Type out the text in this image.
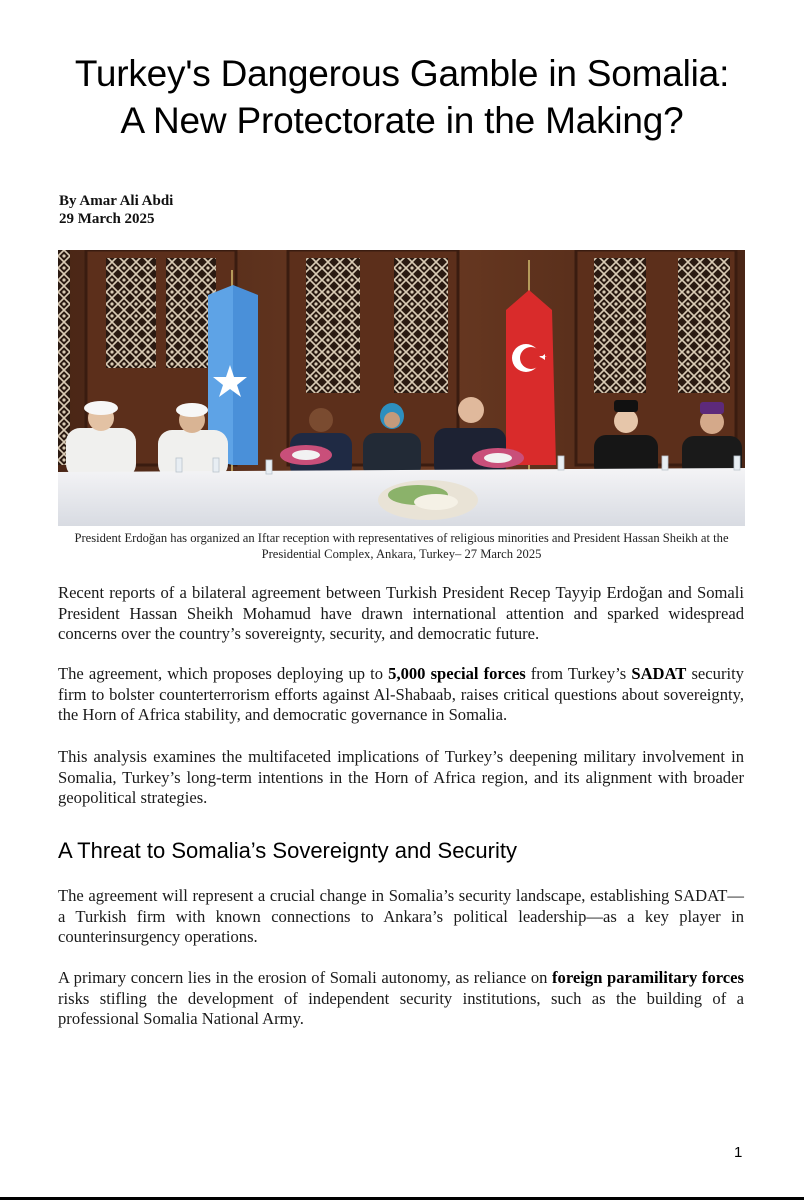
Turkey's Dangerous Gamble in Somalia:
A New Protectorate in the Making?
By Amar Ali Abdi
29 March 2025
President Erdoğan has organized an Iftar reception with representatives of religious minorities and President Hassan Sheikh at the Presidential Complex, Ankara, Turkey– 27 March 2025

Recent reports of a bilateral agreement between Turkish President Recep Tayyip Erdoğan and Somali President Hassan Sheikh Mohamud have drawn international attention and sparked widespread concerns over the country’s sovereignty, security, and democratic future.

The agreement, which proposes deploying up to 5,000 special forces from Turkey’s SADAT security firm to bolster counterterrorism efforts against Al-Shabaab, raises critical questions about sovereignty, the Horn of Africa stability, and democratic governance in Somalia.

This analysis examines the multifaceted implications of Turkey’s deepening military involvement in Somalia, Turkey’s long-term intentions in the Horn of Africa region, and its alignment with broader geopolitical strategies.

A Threat to Somalia’s Sovereignty and Security

The agreement will represent a crucial change in Somalia’s security landscape, establishing SADAT—a Turkish firm with known connections to Ankara’s political leadership—as a key player in counterinsurgency operations.

A primary concern lies in the erosion of Somali autonomy, as reliance on foreign paramilitary forces risks stifling the development of independent security institutions, such as the building of a professional Somalia National Army.

1
